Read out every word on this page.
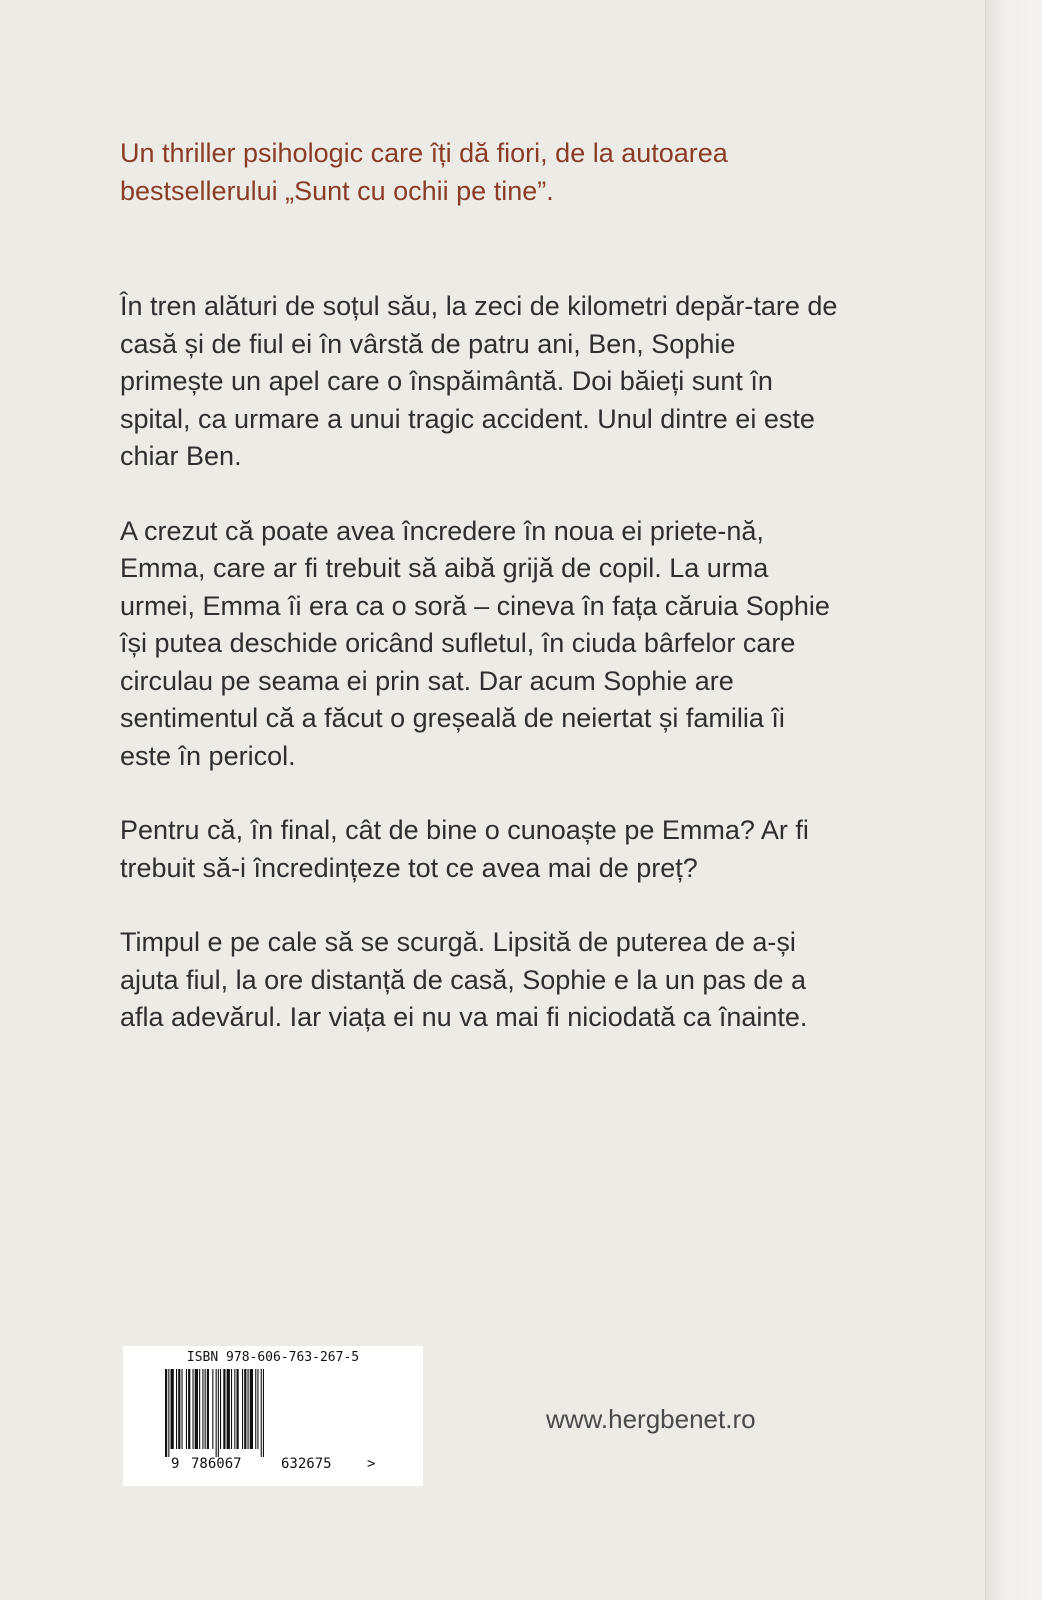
Un thriller psihologic care îți dă fiori, de la autoarea
bestsellerului „Sunt cu ochii pe tine”.

În tren alături de soțul său, la zeci de kilometri depăr-tare de casă și de fiul ei în vârstă de patru ani, Ben, Sophie primește un apel care o înspăimântă. Doi băieți sunt în spital, ca urmare a unui tragic accident. Unul dintre ei este chiar Ben.

A crezut că poate avea încredere în noua ei priete-nă, Emma, care ar fi trebuit să aibă grijă de copil. La urma urmei, Emma îi era ca o soră – cineva în fața căruia Sophie își putea deschide oricând sufletul, în ciuda bârfelor care circulau pe seama ei prin sat. Dar acum Sophie are sentimentul că a făcut o greșeală de neiertat și familia îi este în pericol.

Pentru că, în final, cât de bine o cunoaște pe Emma? Ar fi trebuit să-i încredințeze tot ce avea mai de preț?

Timpul e pe cale să se scurgă. Lipsită de puterea de a-și ajuta fiul, la ore distanță de casă, Sophie e la un pas de a afla adevărul. Iar viața ei nu va mai fi niciodată ca înainte.

ISBN 978-606-763-267-5

9 786067	632675	>

www.hergbenet.ro
